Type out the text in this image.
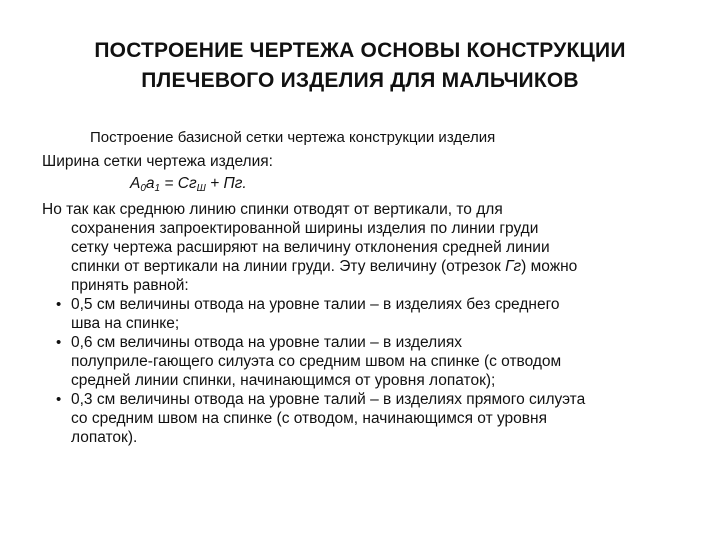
ПОСТРОЕНИЕ ЧЕРТЕЖА ОСНОВЫ КОНСТРУКЦИИ
ПЛЕЧЕВОГО ИЗДЕЛИЯ ДЛЯ МАЛЬЧИКОВ
Построение базисной сетки чертежа конструкции изделия
Ширина сетки чертежа изделия:
$А_0а_1 = Сг_Ш$ + Пг.
Но так как среднюю линию спинки отводят от вертикали, то для
сохранения запроектированной ширины изделия по линии груди
сетку чертежа расширяют на величину отклонения средней линии
спинки от вертикали на линии груди. Эту величину (отрезок Гг) можно
принять равной:
• 0,5 см величины отвода на уровне талии – в изделиях без среднего
шва на спинке;
• 0,6 см величины отвода на уровне талии – в изделиях
полуприле-гающего силуэта со средним швом на спинке (с отводом
средней линии спинки, начинающимся от уровня лопаток);
• 0,3 см величины отвода на уровне талий – в изделиях прямого силуэта
со средним швом на спинке (с отводом, начинающимся от уровня
лопаток).
